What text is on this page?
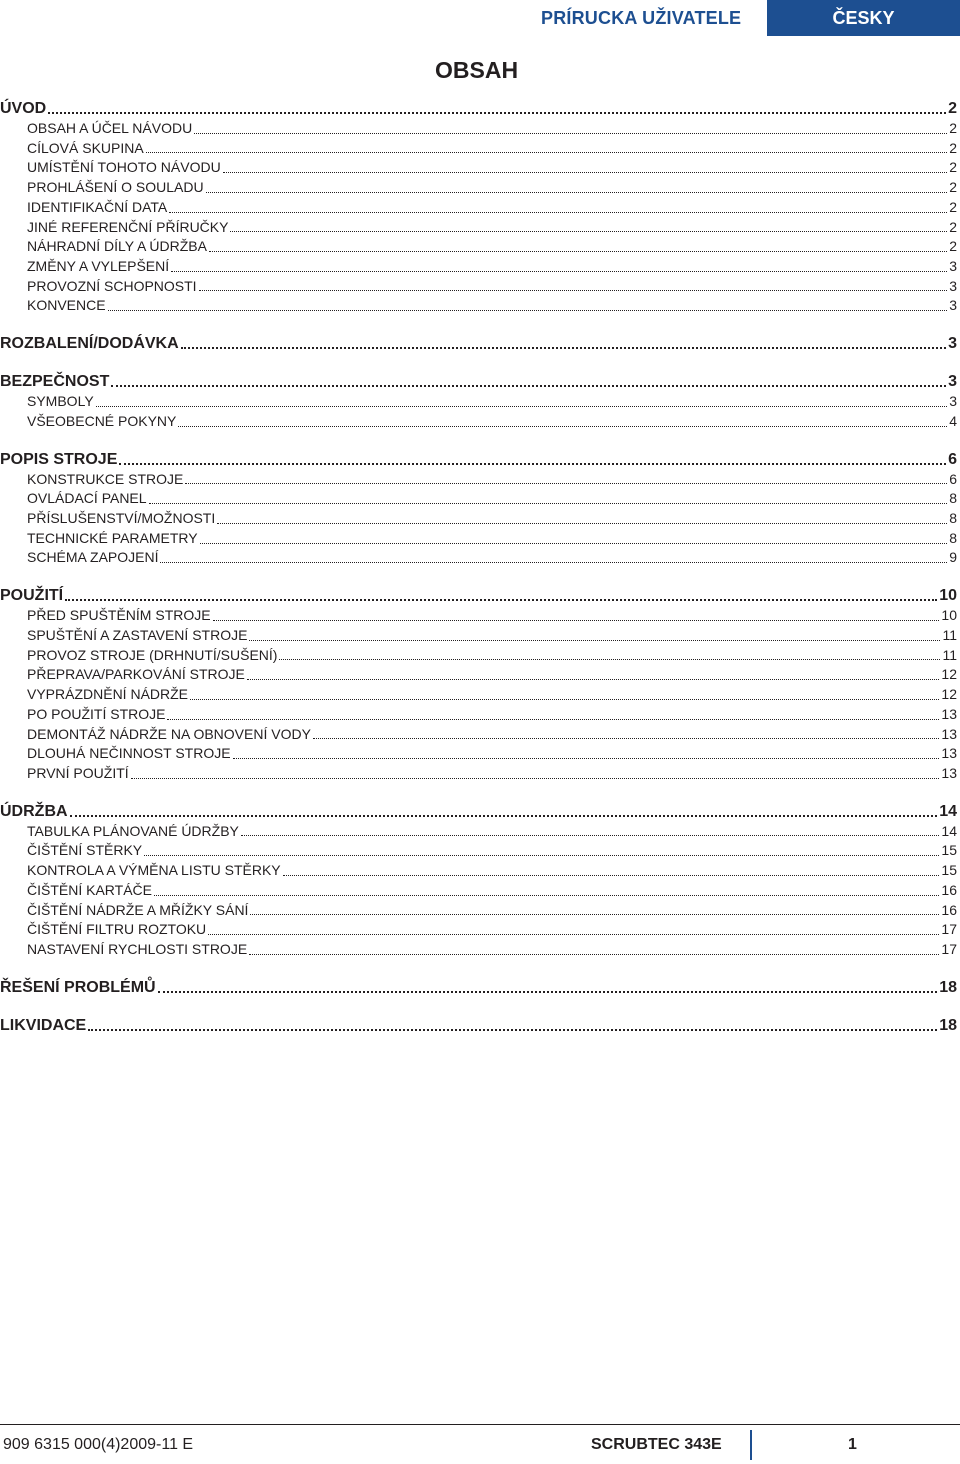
PRÍRUCKA UŽIVATELE	ČESKY
OBSAH
ÚVOD	2
OBSAH A ÚČEL NÁVODU	2
CÍLOVÁ SKUPINA	2
UMÍSTĚNÍ TOHOTO NÁVODU	2
PROHLÁŠENÍ O SOULADU	2
IDENTIFIKAČNÍ DATA	2
JINÉ REFERENČNÍ PŘÍRUČKY	2
NÁHRADNÍ DÍLY A ÚDRŽBA	2
ZMĚNY A VYLEPŠENÍ	3
PROVOZNÍ SCHOPNOSTI	3
KONVENCE	3
ROZBALENÍ/DODÁVKA	3
BEZPEČNOST	3
SYMBOLY	3
VŠEOBECNÉ POKYNY	4
POPIS STROJE	6
KONSTRUKCE STROJE	6
OVLÁDACÍ PANEL	8
PŘÍSLUŠENSTVÍ/MOŽNOSTI	8
TECHNICKÉ PARAMETRY	8
SCHÉMA ZAPOJENÍ	9
POUŽITÍ	10
PŘED SPUŠTĚNÍM STROJE	10
SPUŠTĚNÍ A ZASTAVENÍ STROJE	11
PROVOZ STROJE (DRHNUTÍ/SUŠENÍ)	11
PŘEPRAVA/PARKOVÁNÍ STROJE	12
VYPRÁZDNĚNÍ NÁDRŽE	12
PO POUŽITÍ STROJE	13
DEMONTÁŽ NÁDRŽE NA OBNOVENÍ VODY	13
DLOUHÁ NEČINNOST STROJE	13
PRVNÍ POUŽITÍ	13
ÚDRŽBA	14
TABULKA PLÁNOVANÉ ÚDRŽBY	14
ČIŠTĚNÍ STĚRKY	15
KONTROLA A VÝMĚNA LISTU STĚRKY	15
ČIŠTĚNÍ KARTÁČE	16
ČIŠTĚNÍ NÁDRŽE A MŘÍŽKY SÁNÍ	16
ČIŠTĚNÍ FILTRU ROZTOKU	17
NASTAVENÍ RYCHLOSTI STROJE	17
ŘEŠENÍ PROBLÉMŮ	18
LIKVIDACE	18
909 6315 000(4)2009-11 E	SCRUBTEC 343E	1
